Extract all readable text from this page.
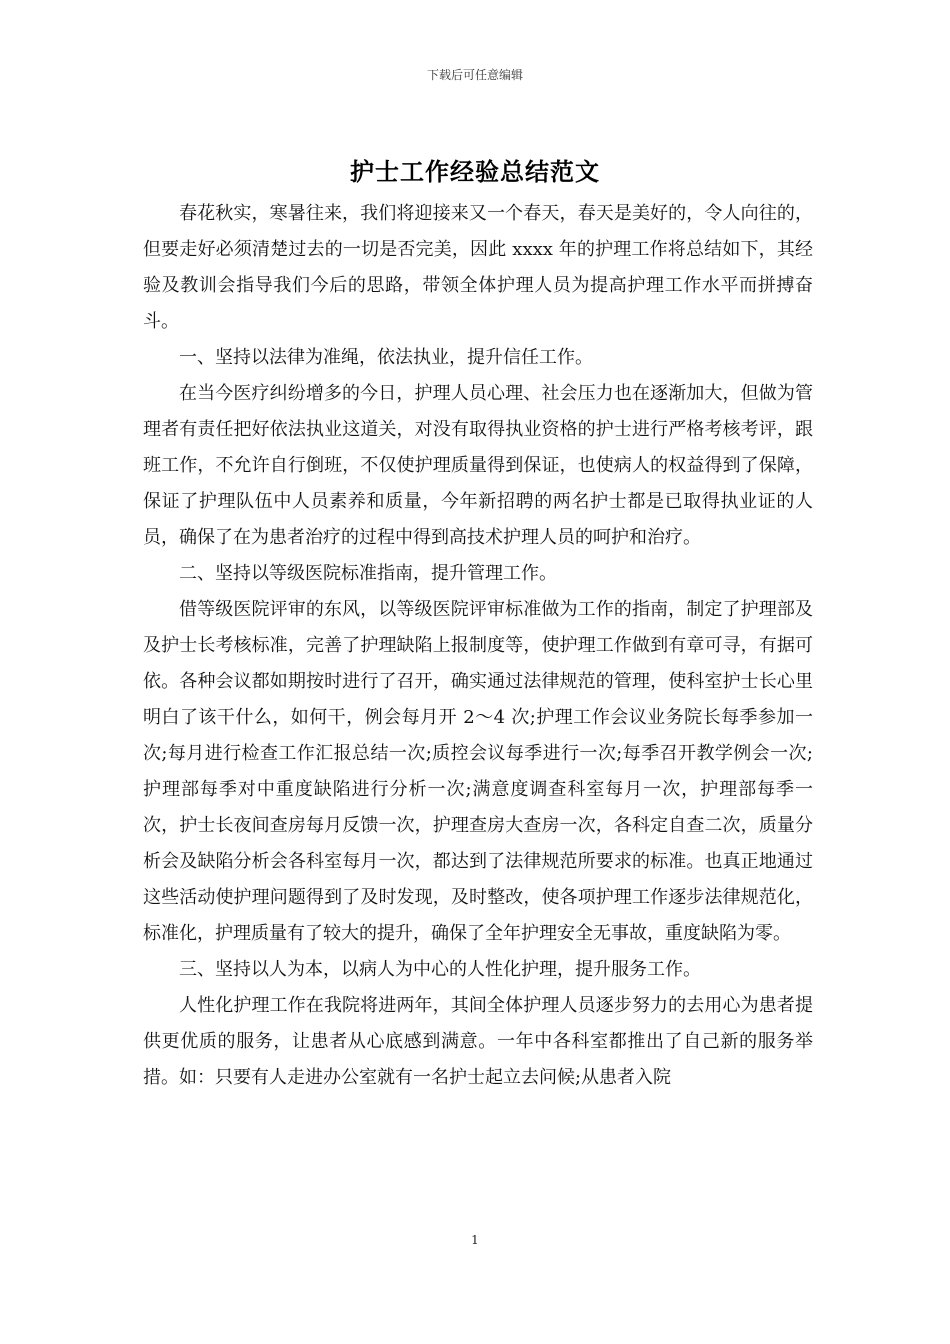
下载后可任意编辑
护士工作经验总结范文

春花秋实，寒暑往来，我们将迎接来又一个春天，春天是美好的，令人向往的，但要走好必须清楚过去的一切是否完美，因此 xxxx 年的护理工作将总结如下，其经验及教训会指导我们今后的思路，带领全体护理人员为提高护理工作水平而拼搏奋斗。

一、坚持以法律为准绳，依法执业，提升信任工作。

在当今医疗纠纷增多的今日，护理人员心理、社会压力也在逐渐加大，但做为管理者有责任把好依法执业这道关，对没有取得执业资格的护士进行严格考核考评，跟班工作，不允许自行倒班，不仅使护理质量得到保证，也使病人的权益得到了保障，保证了护理队伍中人员素养和质量，今年新招聘的两名护士都是已取得执业证的人员，确保了在为患者治疗的过程中得到高技术护理人员的呵护和治疗。

二、坚持以等级医院标准指南，提升管理工作。

借等级医院评审的东风，以等级医院评审标准做为工作的指南，制定了护理部及及护士长考核标准，完善了护理缺陷上报制度等，使护理工作做到有章可寻，有据可依。各种会议都如期按时进行了召开，确实通过法律规范的管理，使科室护士长心里明白了该干什么，如何干，例会每月开 2～4 次;护理工作会议业务院长每季参加一次;每月进行检查工作汇报总结一次;质控会议每季进行一次;每季召开教学例会一次;护理部每季对中重度缺陷进行分析一次;满意度调查科室每月一次，护理部每季一次，护士长夜间查房每月反馈一次，护理查房大查房一次，各科定自查二次，质量分析会及缺陷分析会各科室每月一次，都达到了法律规范所要求的标准。也真正地通过这些活动使护理问题得到了及时发现，及时整改，使各项护理工作逐步法律规范化，标准化，护理质量有了较大的提升，确保了全年护理安全无事故，重度缺陷为零。

三、坚持以人为本，以病人为中心的人性化护理，提升服务工作。

人性化护理工作在我院将进两年，其间全体护理人员逐步努力的去用心为患者提供更优质的服务，让患者从心底感到满意。一年中各科室都推出了自己新的服务举措。如：只要有人走进办公室就有一名护士起立去问候;从患者入院

1
